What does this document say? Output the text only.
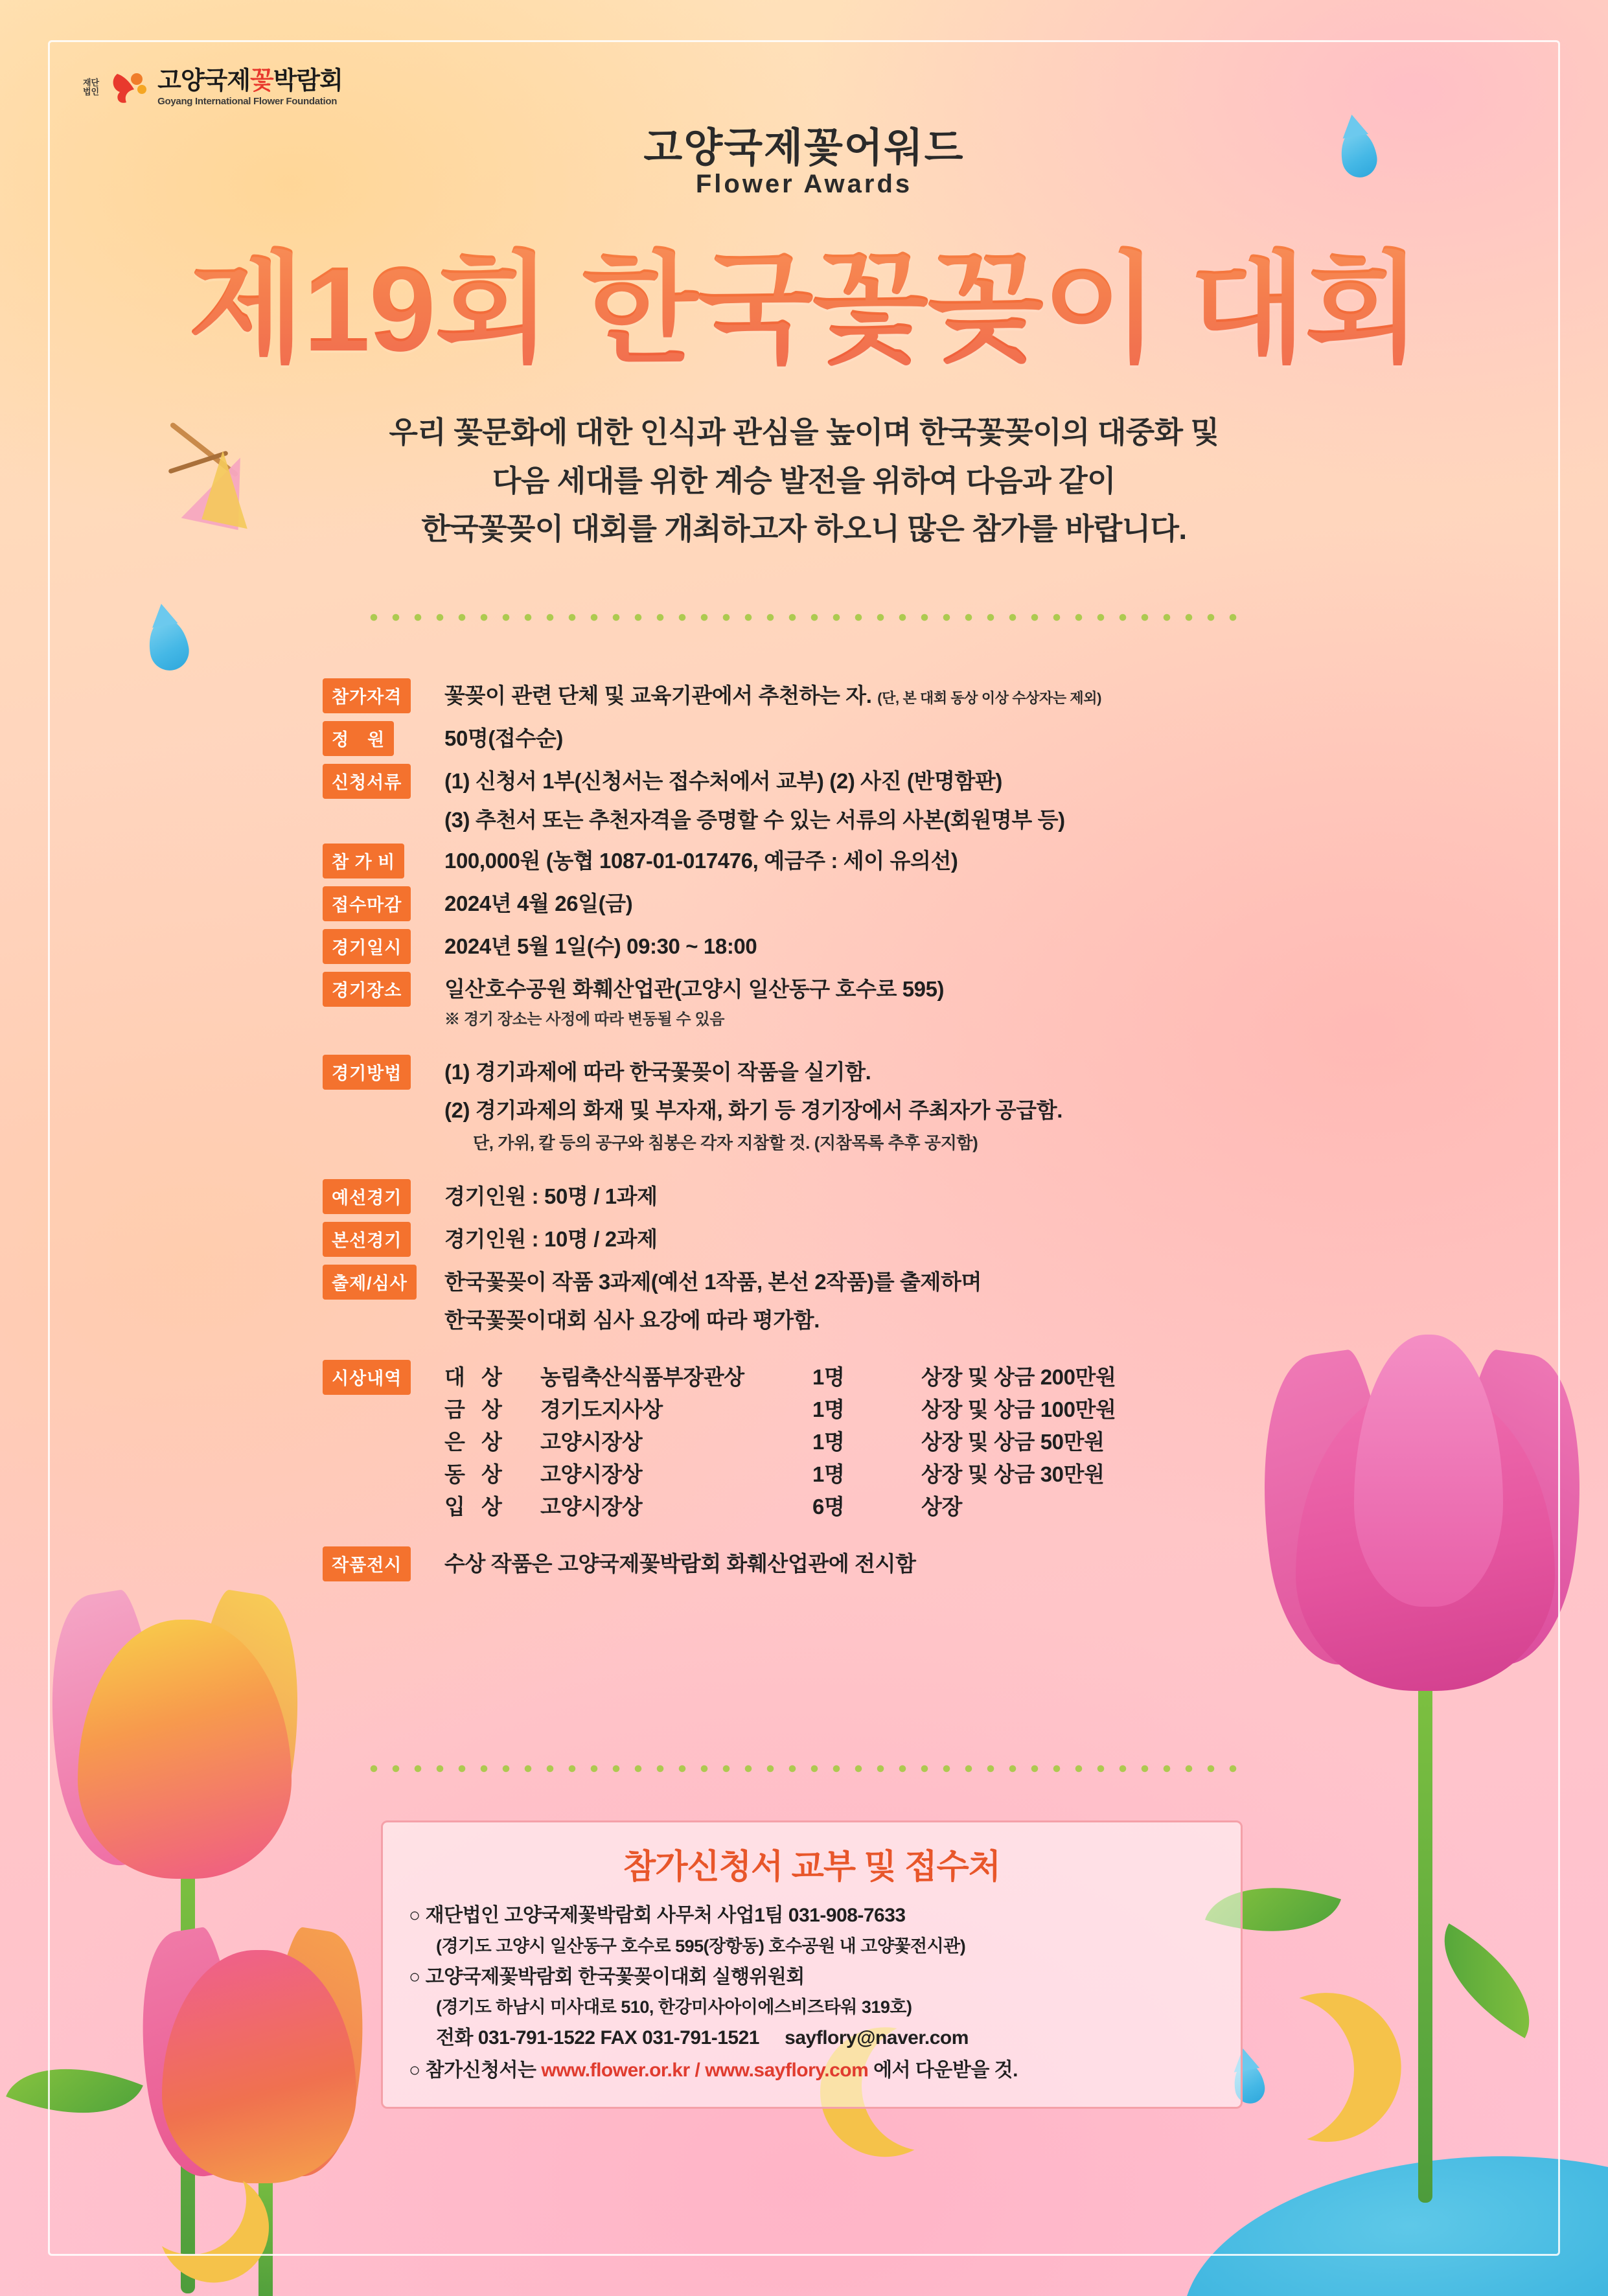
재단
법인 고양국제꽃박람회
Goyang International Flower Foundation
고양국제꽃어워드
Flower Awards
제19회 한국꽃꽂이 대회
우리 꽃문화에 대한 인식과 관심을 높이며 한국꽃꽂이의 대중화 및
다음 세대를 위한 계승 발전을 위하여 다음과 같이
한국꽃꽂이 대회를 개최하고자 하오니 많은 참가를 바랍니다.
참가자격	꽃꽂이 관련 단체 및 교육기관에서 추천하는 자. (단, 본 대회 동상 이상 수상자는 제외)
정　원	50명(접수순)
신청서류	(1) 신청서 1부(신청서는 접수처에서 교부) (2) 사진 (반명함판)
(3) 추천서 또는 추천자격을 증명할 수 있는 서류의 사본(회원명부 등)
참 가 비	100,000원 (농협 1087-01-017476, 예금주 : 세이 유의선)
접수마감	2024년 4월 26일(금)
경기일시	2024년 5월 1일(수) 09:30 ~ 18:00
경기장소	일산호수공원 화훼산업관(고양시 일산동구 호수로 595)
※ 경기 장소는 사정에 따라 변동될 수 있음
경기방법	(1) 경기과제에 따라 한국꽃꽂이 작품을 실기함.
(2) 경기과제의 화재 및 부자재, 화기 등 경기장에서 주최자가 공급함.
단, 가위, 칼 등의 공구와 침봉은 각자 지참할 것. (지참목록 추후 공지함)
예선경기	경기인원 : 50명 / 1과제
본선경기	경기인원 : 10명 / 2과제
출제/심사	한국꽃꽂이 작품 3과제(예선 1작품, 본선 2작품)를 출제하며
한국꽃꽂이대회 심사 요강에 따라 평가함.
시상내역	대 상	농림축산식품부장관상	1명	상장 및 상금 200만원
금 상	경기도지사상	1명	상장 및 상금 100만원
은 상	고양시장상	1명	상장 및 상금 50만원
동 상	고양시장상	1명	상장 및 상금 30만원
입 상	고양시장상	6명	상장
작품전시	수상 작품은 고양국제꽃박람회 화훼산업관에 전시함
참가신청서 교부 및 접수처
○ 재단법인 고양국제꽃박람회 사무처 사업1팀 031-908-7633
(경기도 고양시 일산동구 호수로 595(장항동) 호수공원 내 고양꽃전시관)
○ 고양국제꽃박람회 한국꽃꽂이대회 실행위원회
(경기도 하남시 미사대로 510, 한강미사아이에스비즈타워 319호)
전화 031-791-1522 FAX 031-791-1521 sayflory@naver.com
○ 참가신청서는 www.flower.or.kr / www.sayflory.com 에서 다운받을 것.
